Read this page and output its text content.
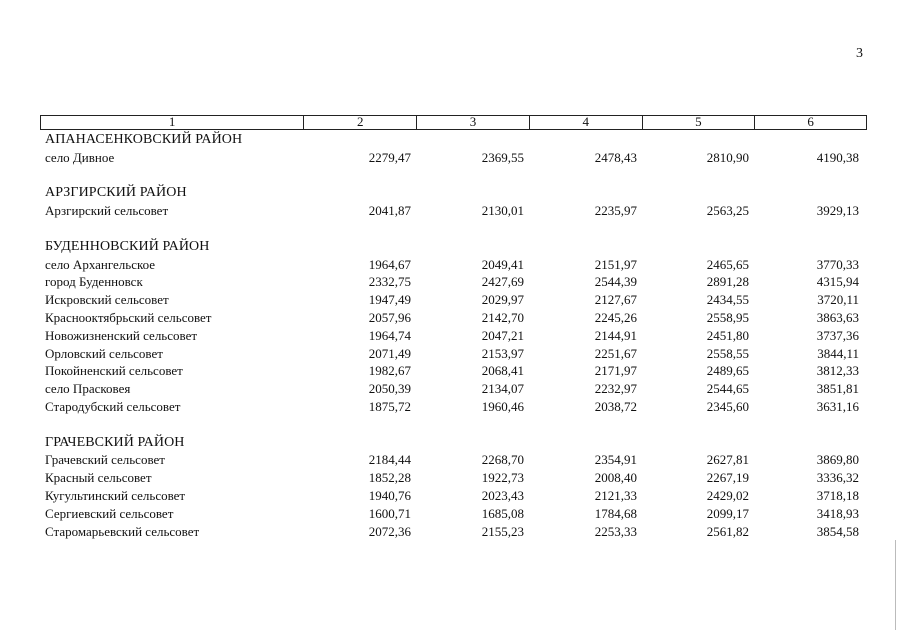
3
1	2	3	4	5	6
АПАНАСЕНКОВСКИЙ РАЙОН
село Дивное	2279,47	2369,55	2478,43	2810,90	4190,38
АРЗГИРСКИЙ РАЙОН
Арзгирский сельсовет	2041,87	2130,01	2235,97	2563,25	3929,13
БУДЕННОВСКИЙ РАЙОН
село Архангельское	1964,67	2049,41	2151,97	2465,65	3770,33
город Буденновск	2332,75	2427,69	2544,39	2891,28	4315,94
Искровский сельсовет	1947,49	2029,97	2127,67	2434,55	3720,11
Краснооктябрьский сельсовет	2057,96	2142,70	2245,26	2558,95	3863,63
Новожизненский сельсовет	1964,74	2047,21	2144,91	2451,80	3737,36
Орловский сельсовет	2071,49	2153,97	2251,67	2558,55	3844,11
Покойненский сельсовет	1982,67	2068,41	2171,97	2489,65	3812,33
село Прасковея	2050,39	2134,07	2232,97	2544,65	3851,81
Стародубский сельсовет	1875,72	1960,46	2038,72	2345,60	3631,16
ГРАЧЕВСКИЙ РАЙОН
Грачевский сельсовет	2184,44	2268,70	2354,91	2627,81	3869,80
Красный сельсовет	1852,28	1922,73	2008,40	2267,19	3336,32
Кугультинский сельсовет	1940,76	2023,43	2121,33	2429,02	3718,18
Сергиевский сельсовет	1600,71	1685,08	1784,68	2099,17	3418,93
Старомарьевский сельсовет	2072,36	2155,23	2253,33	2561,82	3854,58
